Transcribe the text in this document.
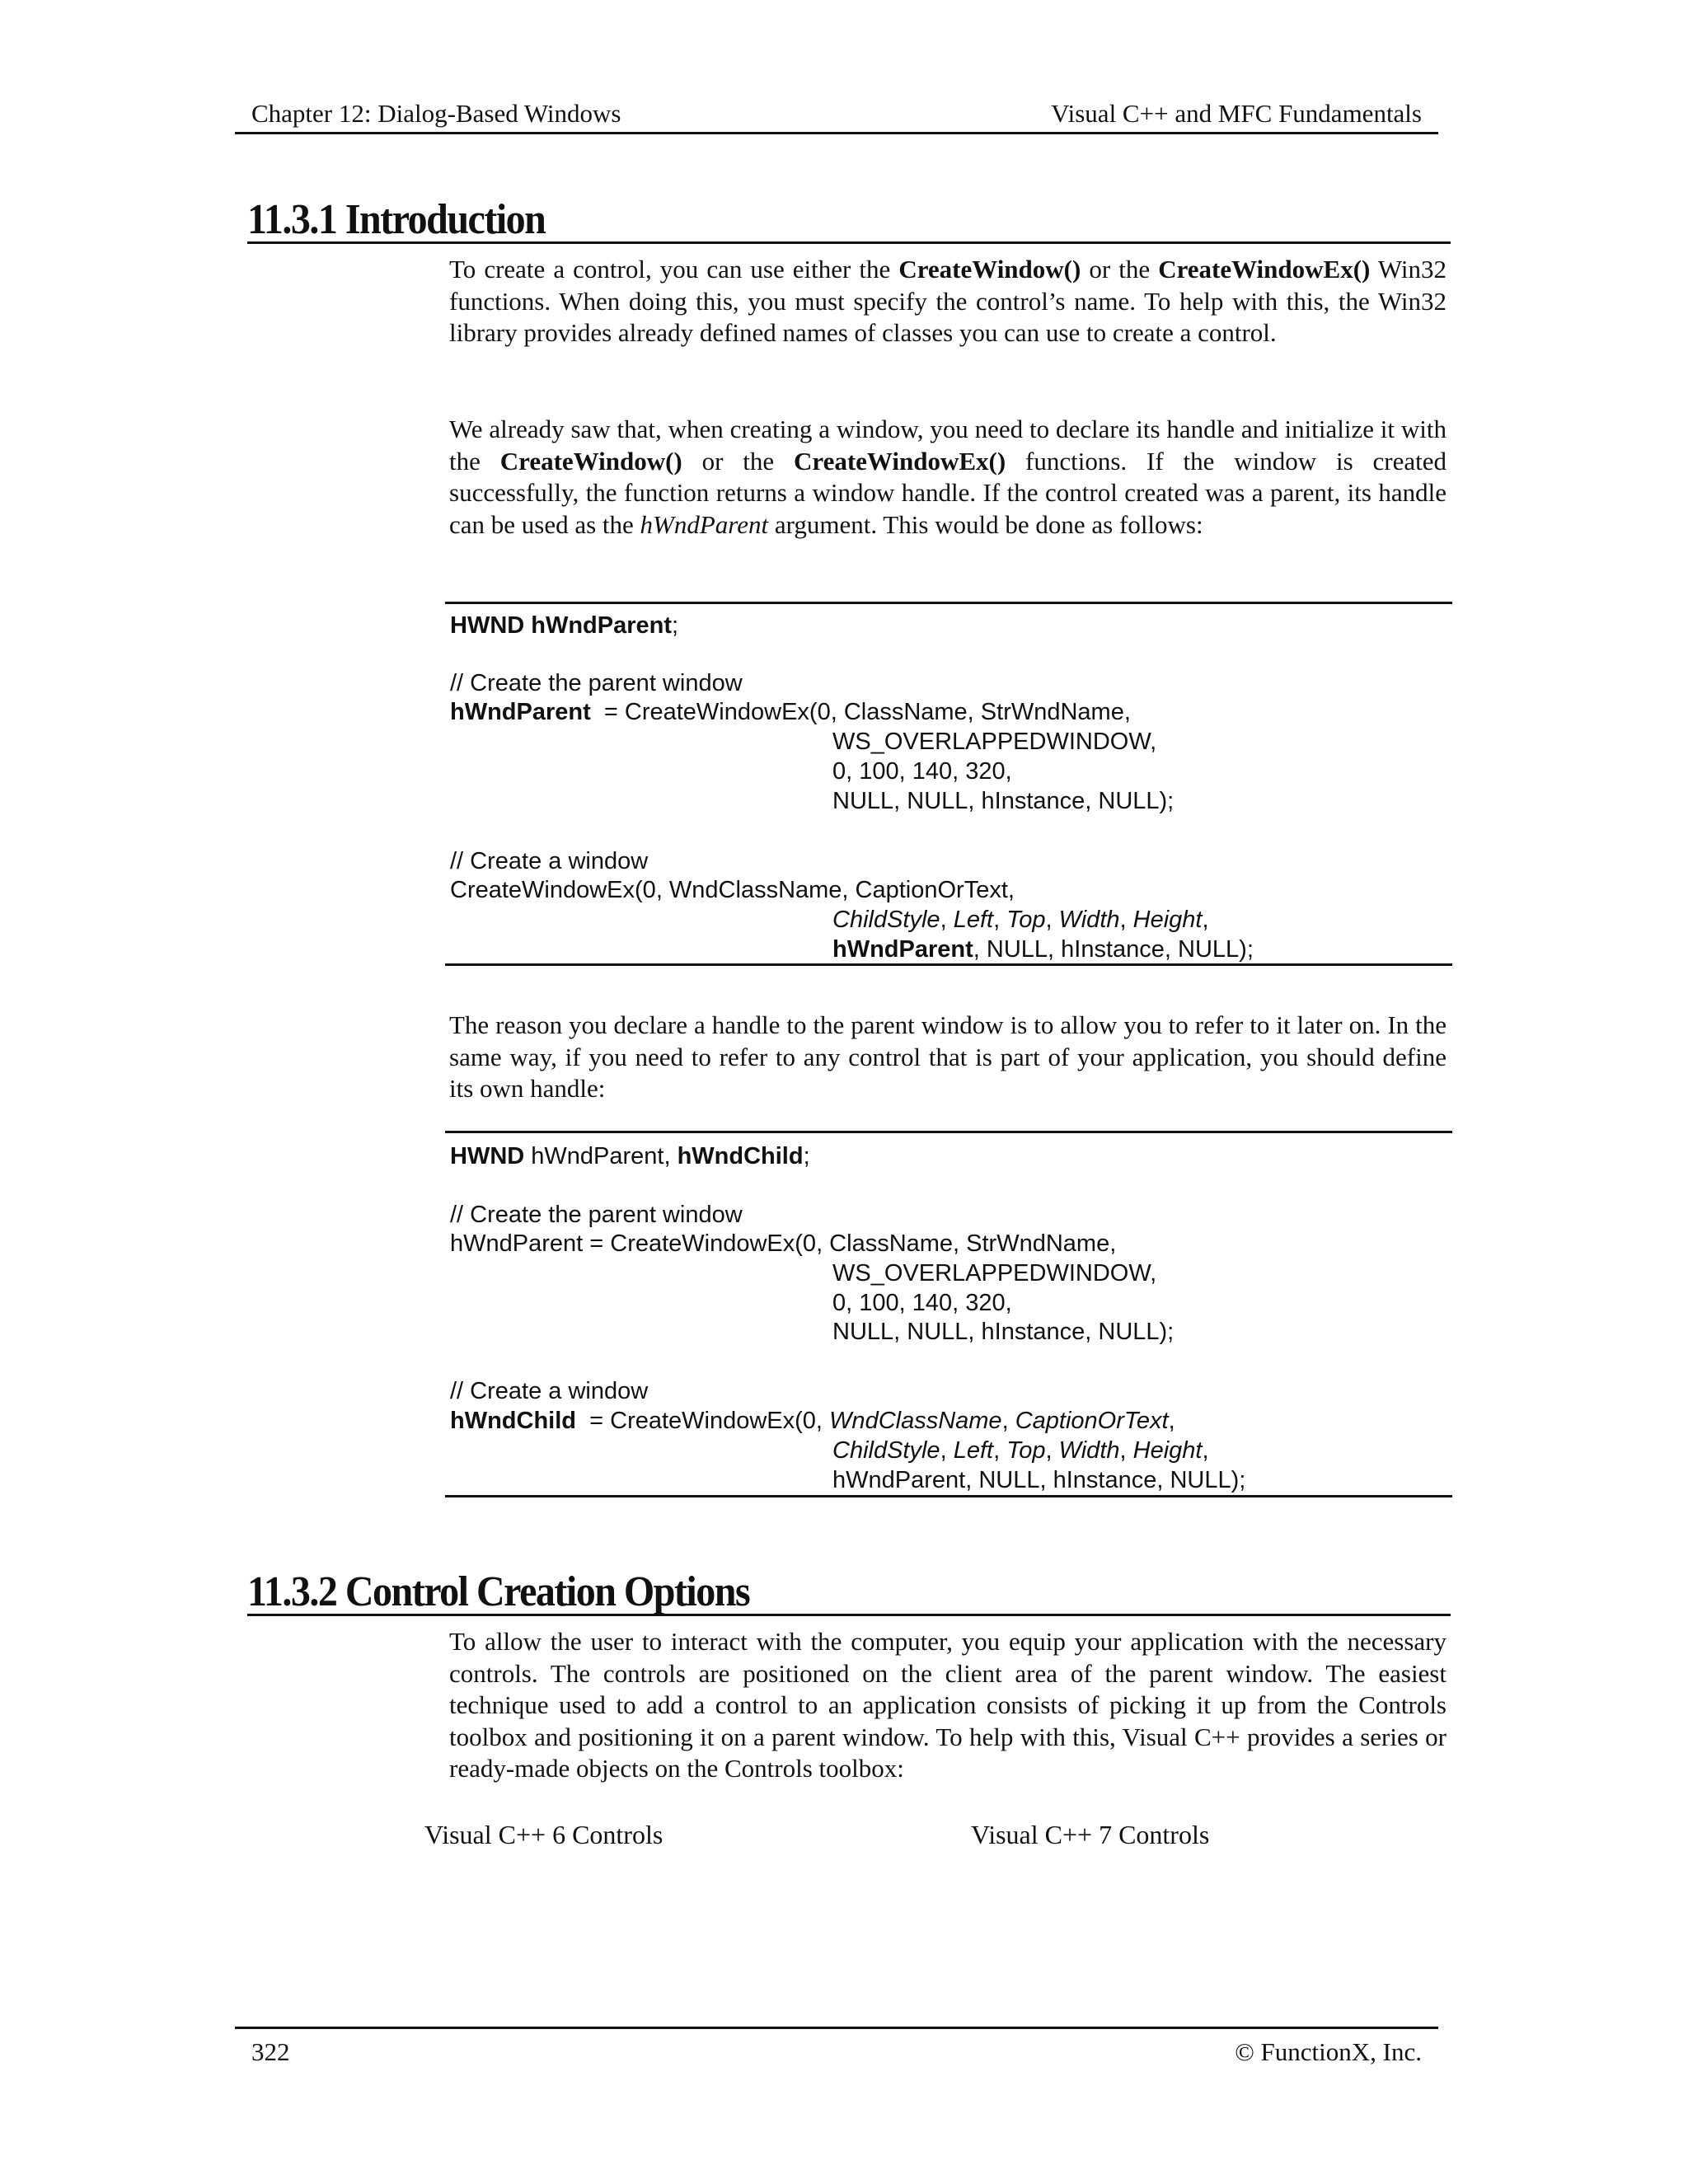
Chapter 12: Dialog-Based Windows	Visual C++ and MFC Fundamentals
11.3.1 Introduction

To create a control, you can use either the CreateWindow() or the CreateWindowEx() Win32 functions. When doing this, you must specify the control’s name. To help with this, the Win32 library provides already defined names of classes you can use to create a control.

We already saw that, when creating a window, you need to declare its handle and initialize it with the CreateWindow() or the CreateWindowEx() functions. If the window is created successfully, the function returns a window handle. If the control created was a parent, its handle can be used as the hWndParent argument. This would be done as follows:

HWND hWndParent;
// Create the parent window
hWndParent  = CreateWindowEx(0, ClassName, StrWndName,
WS_OVERLAPPEDWINDOW,
0, 100, 140, 320,
NULL, NULL, hInstance, NULL);
// Create a window
CreateWindowEx(0, WndClassName, CaptionOrText,
ChildStyle, Left, Top, Width, Height,
hWndParent, NULL, hInstance, NULL);

The reason you declare a handle to the parent window is to allow you to refer to it later on. In the same way, if you need to refer to any control that is part of your application, you should define its own handle:

HWND hWndParent, hWndChild;
// Create the parent window
hWndParent = CreateWindowEx(0, ClassName, StrWndName,
WS_OVERLAPPEDWINDOW,
0, 100, 140, 320,
NULL, NULL, hInstance, NULL);
// Create a window
hWndChild  = CreateWindowEx(0, WndClassName, CaptionOrText,
ChildStyle, Left, Top, Width, Height,
hWndParent, NULL, hInstance, NULL);
11.3.2 Control Creation Options

To allow the user to interact with the computer, you equip your application with the necessary controls. The controls are positioned on the client area of the parent window. The easiest technique used to add a control to an application consists of picking it up from the Controls toolbox and positioning it on a parent window. To help with this, Visual C++ provides a series or ready-made objects on the Controls toolbox:

Visual C++ 6 Controls	Visual C++ 7 Controls
322	© FunctionX, Inc.
